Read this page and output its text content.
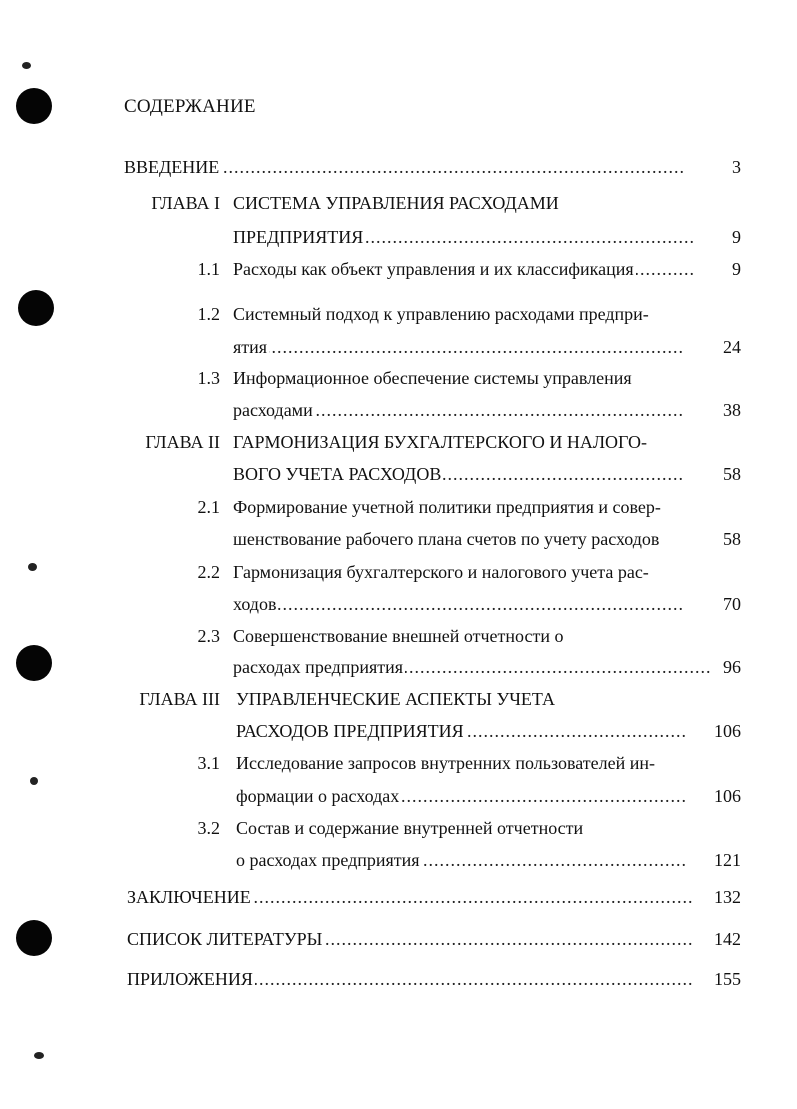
СОДЕРЖАНИЕ
ВВЕДЕНИЕ .....	3
ГЛАВА I СИСТЕМА УПРАВЛЕНИЯ РАСХОДАМИ
ПРЕДПРИЯТИЯ .....	9
1.1 Расходы как объект управления и их классификация .....	9
1.2 Системный подход к управлению расходами предпри-
ятия .....	24
1.3 Информационное обеспечение системы управления
расходами .....	38
ГЛАВА II ГАРМОНИЗАЦИЯ БУХГАЛТЕРСКОГО И НАЛОГО-
ВОГО УЧЕТА РАСХОДОВ .....	58
2.1 Формирование учетной политики предприятия и совер-
шенствование рабочего плана счетов по учету расходов	58
2.2 Гармонизация бухгалтерского и налогового учета рас-
ходов .....	70
2.3 Совершенствование внешней отчетности о
расходах предприятия .....	96
ГЛАВА III УПРАВЛЕНЧЕСКИЕ АСПЕКТЫ УЧЕТА
РАСХОДОВ ПРЕДПРИЯТИЯ .....	106
3.1 Исследование запросов внутренних пользователей ин-
формации о расходах .....	106
3.2 Состав и содержание внутренней отчетности
о расходах предприятия .....	121
ЗАКЛЮЧЕНИЕ .....	132
СПИСОК ЛИТЕРАТУРЫ .....	142
ПРИЛОЖЕНИЯ .....	155
